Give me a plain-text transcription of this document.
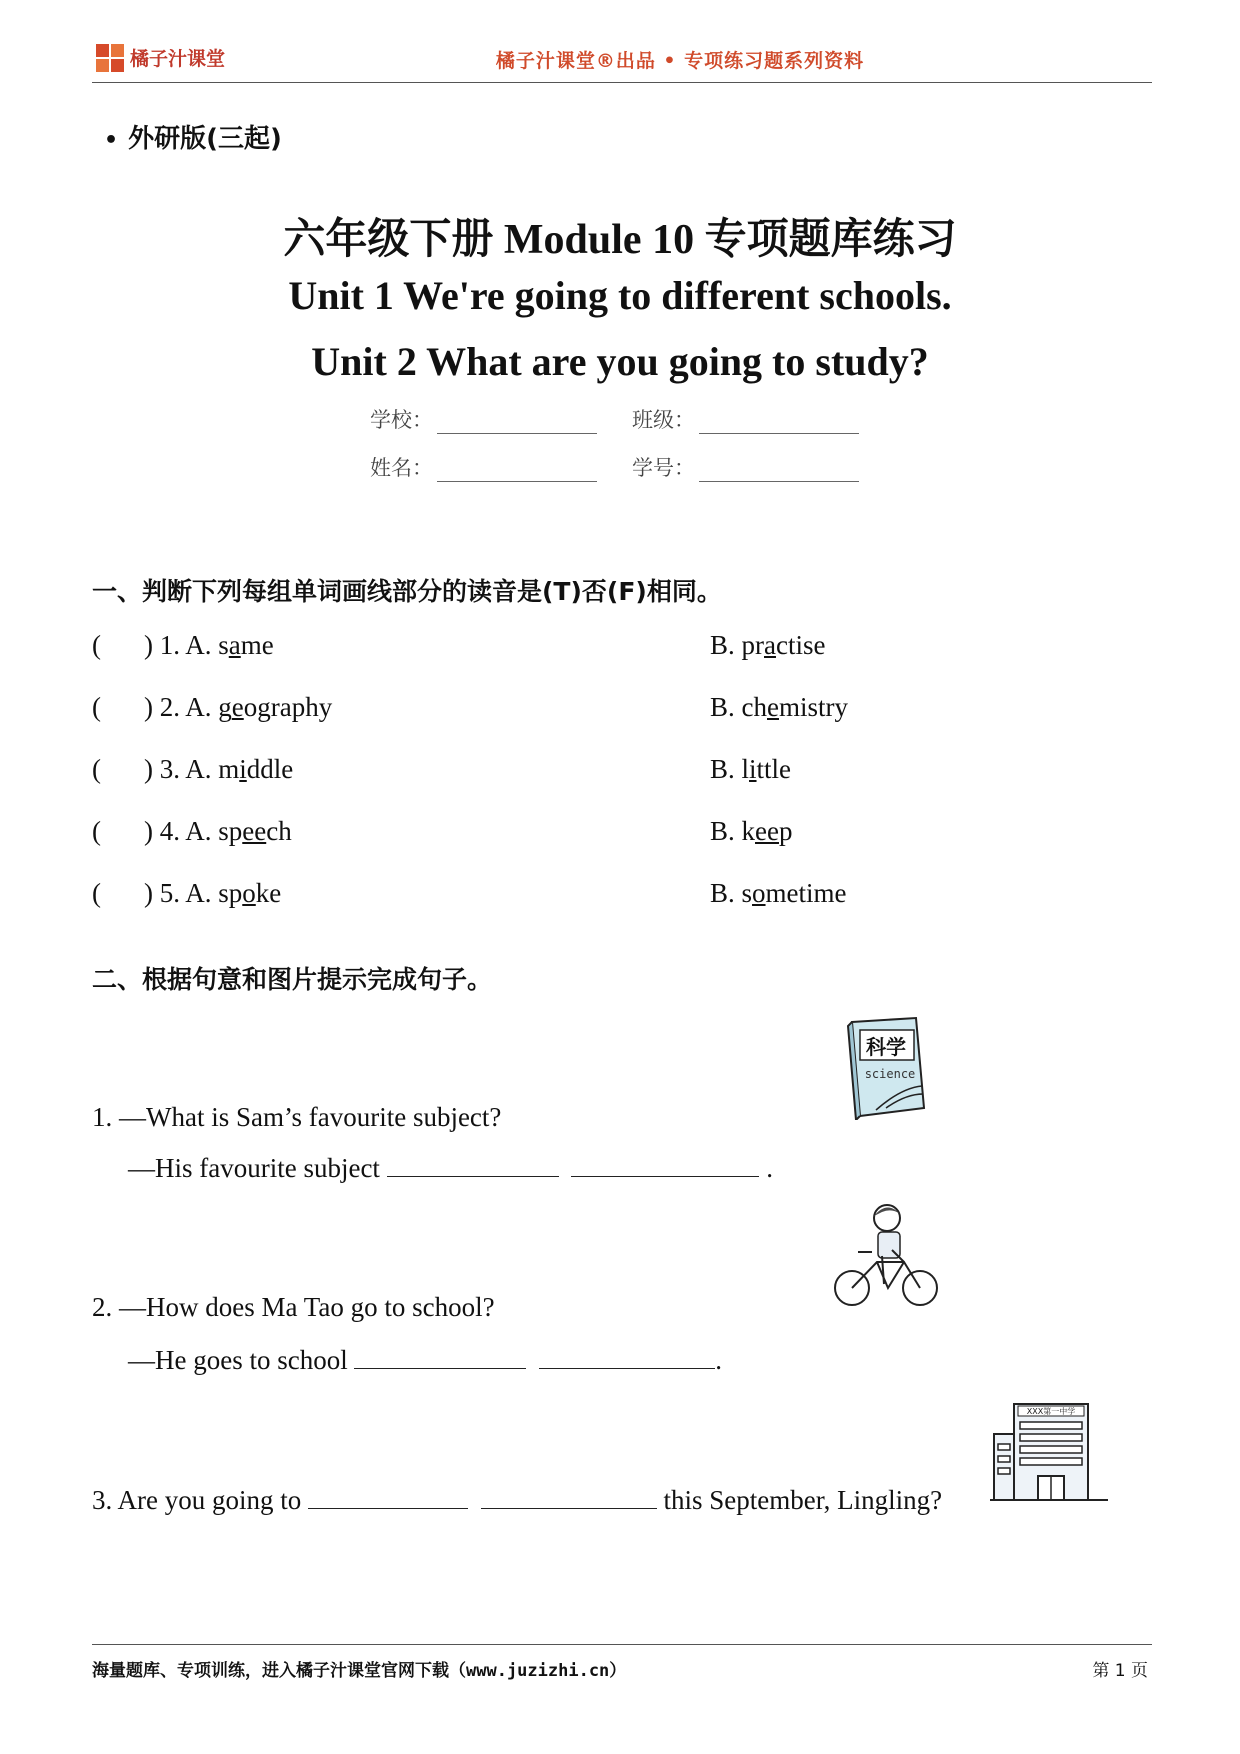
橘子汁课堂	橘子汁课堂®出品 • 专项练习题系列资料
• 外研版(三起)
六年级下册 Module 10 专项题库练习
Unit 1 We're going to different schools.
Unit 2 What are you going to study?
学校：	班级：
姓名：	学号：
一、判断下列每组单词画线部分的读音是(T)否(F)相同。
( ) 1. A. same	B. practise
( ) 2. A. geography	B. chemistry
( ) 3. A. middle	B. little
( ) 4. A. speech	B. keep
( ) 5. A. spoke	B. sometime
二、根据句意和图片提示完成句子。
科学
science
1. —What is Sam’s favourite subject?
—His favourite subject	.
2. —How does Ma Tao go to school?
—He goes to school	.
XXX第一中学
3. Are you going to	this September, Lingling?
海量题库、专项训练，进入橘子汁课堂官网下载（www.juzizhi.cn）	第 1 页
